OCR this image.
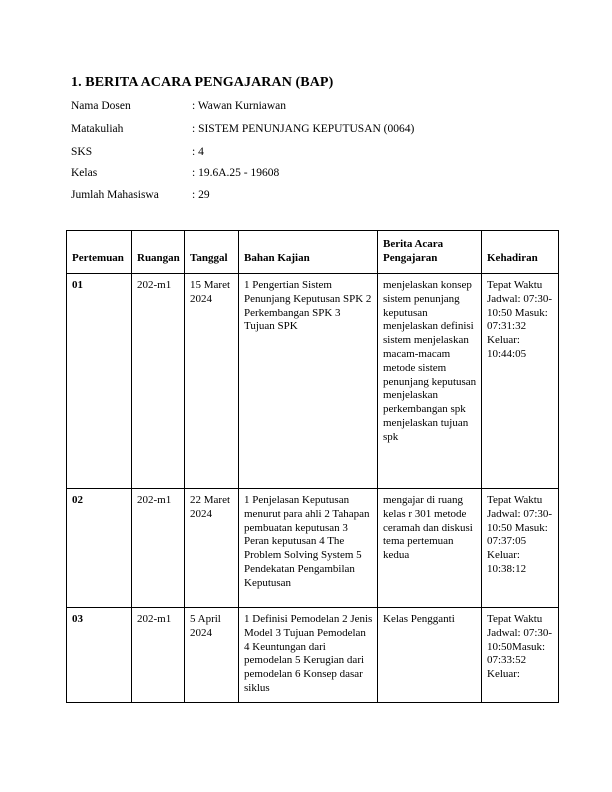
1. BERITA ACARA PENGAJARAN (BAP)
Nama Dosen	: Wawan Kurniawan
Matakuliah	: SISTEM PENUNJANG KEPUTUSAN (0064)
SKS	: 4
Kelas	: 19.6A.25 - 19608
Jumlah Mahasiswa	: 29
Pertemuan	Ruangan	Tanggal	Bahan Kajian	Berita Acara Pengajaran	Kehadiran
01	202-m1	15 Maret 2024	1 Pengertian Sistem Penunjang Keputusan SPK 2 Perkembangan SPK 3 Tujuan SPK	menjelaskan konsep sistem penunjang keputusan menjelaskan definisi sistem menjelaskan macam-macam metode sistem penunjang keputusan menjelaskan perkembangan spk menjelaskan tujuan spk	Tepat Waktu Jadwal: 07:30-10:50 Masuk: 07:31:32 Keluar: 10:44:05
02	202-m1	22 Maret 2024	1 Penjelasan Keputusan menurut para ahli 2 Tahapan pembuatan keputusan 3 Peran keputusan 4 The Problem Solving System 5 Pendekatan Pengambilan Keputusan	mengajar di ruang kelas r 301 metode ceramah dan diskusi tema pertemuan kedua	Tepat Waktu Jadwal: 07:30-10:50 Masuk: 07:37:05 Keluar: 10:38:12
03	202-m1	5 April 2024	1 Definisi Pemodelan 2 Jenis Model 3 Tujuan Pemodelan 4 Keuntungan dari pemodelan 5 Kerugian dari pemodelan 6 Konsep dasar siklus	Kelas Pengganti	Tepat Waktu Jadwal: 07:30-10:50Masuk: 07:33:52 Keluar:
